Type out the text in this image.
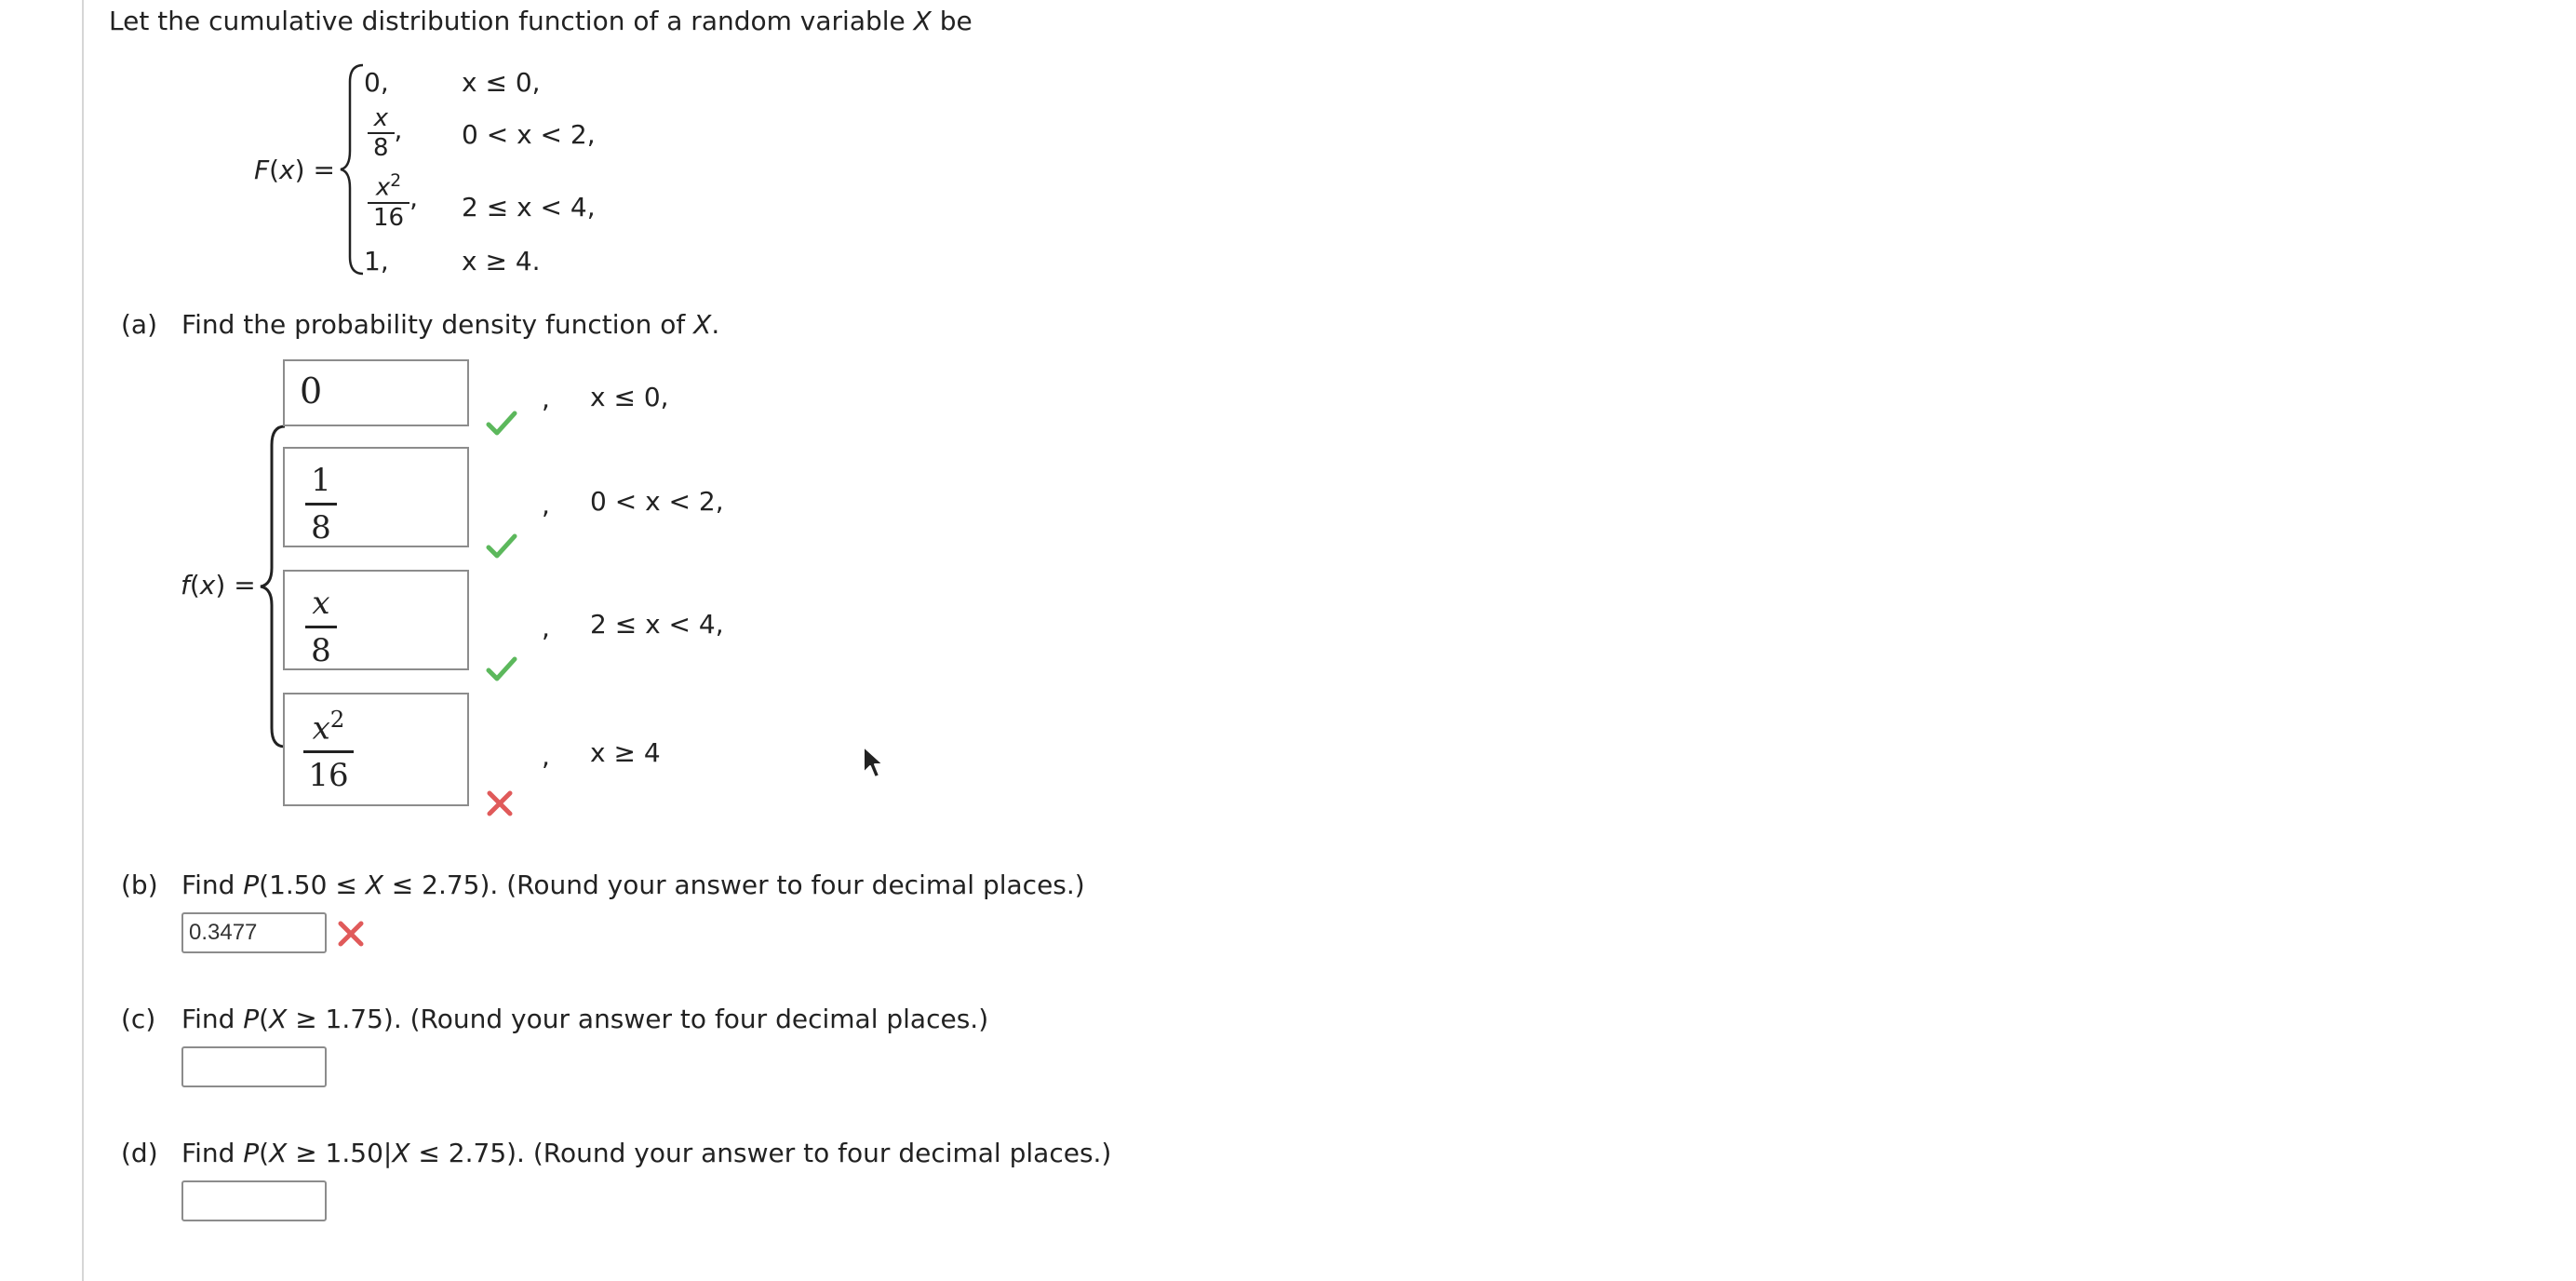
Let the cumulative distribution function of a random variable X be
F(x) =
0,	x ≤ 0,
$\frac{x}{8}$ , 0 < x < 2,
$\frac{x^2}{16}$ , 2 ≤ x < 4,
1,	x ≥ 4.
(a) Find the probability density function of X.
f(x) =
0	, x ≤ 0,
1
8
, 0 < x < 2,
x
8
, 2 ≤ x < 4,
$x^2$
16
, x ≥ 4
(b) Find P(1.50 ≤ X ≤ 2.75). (Round your answer to four decimal places.)
0.3477
(c) Find P(X ≥ 1.75). (Round your answer to four decimal places.)
(d) Find P(X ≥ 1.50|X ≤ 2.75). (Round your answer to four decimal places.)
